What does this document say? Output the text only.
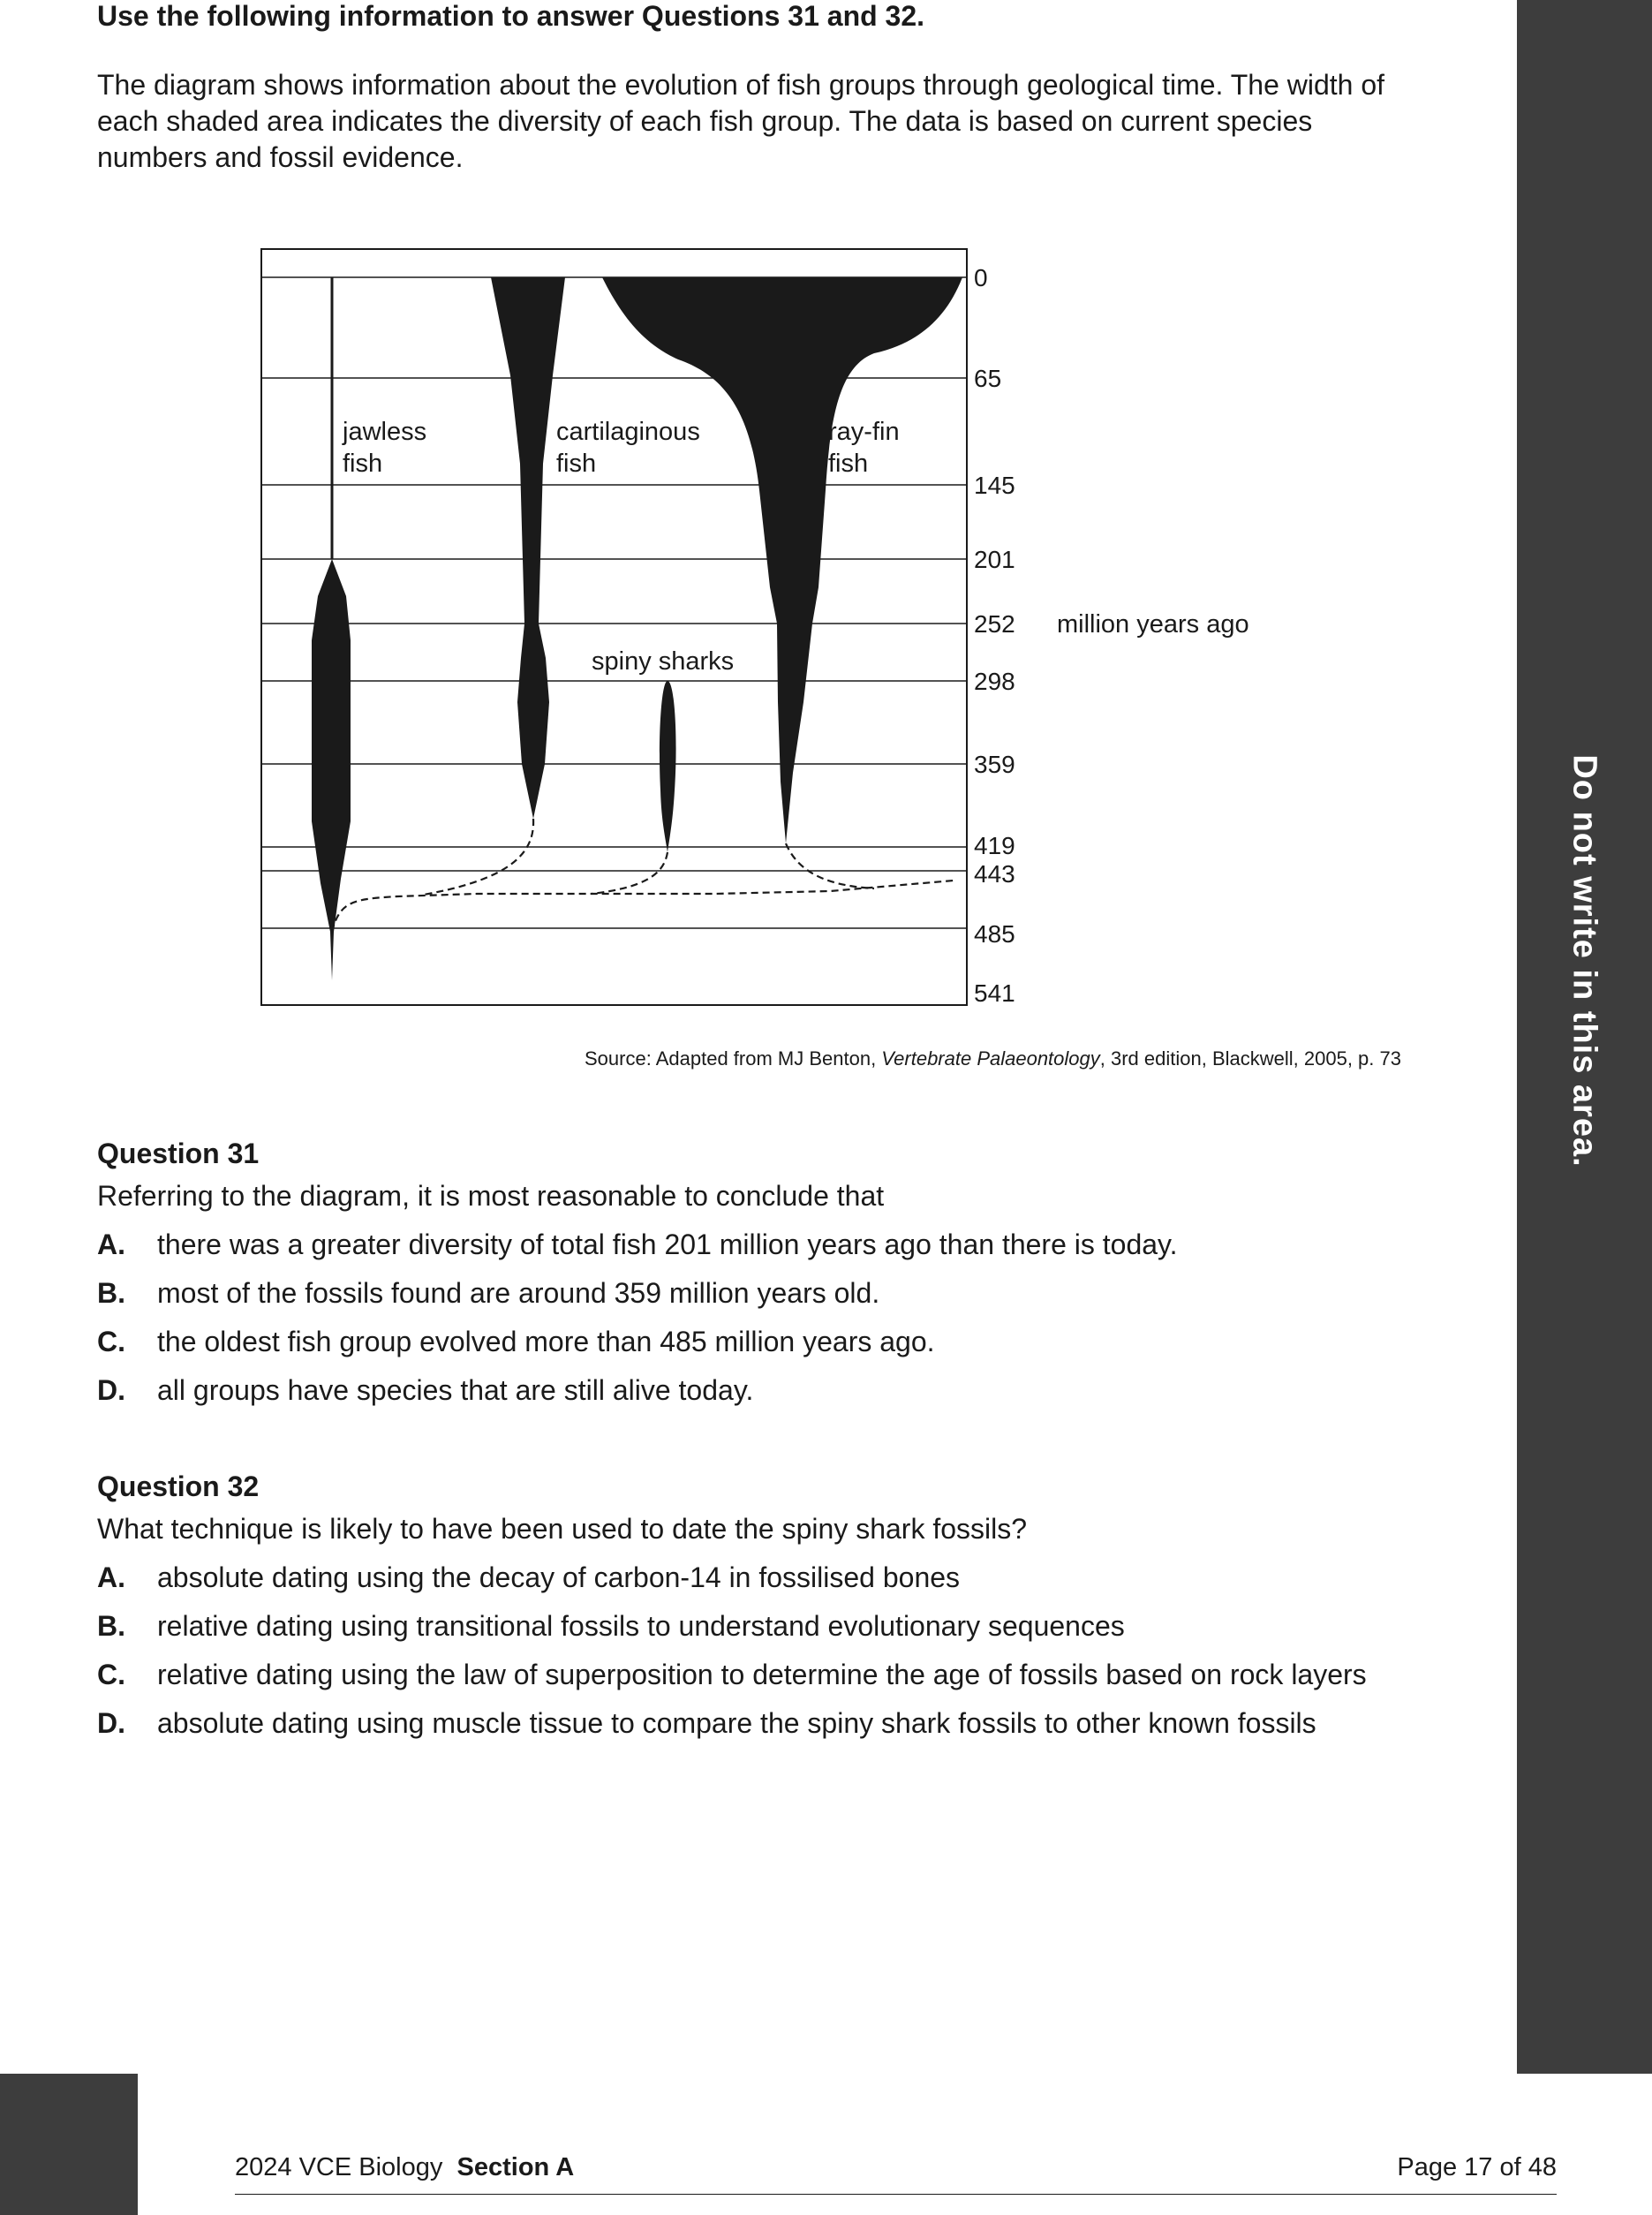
Do not write in this area.
Use the following information to answer Questions 31 and 32.
The diagram shows information about the evolution of fish groups through geological time. The width of each shaded area indicates the diversity of each fish group. The data is based on current species numbers and fossil evidence.
jawless
fish
cartilaginous
fish
ray-fin
fish
spiny sharks
0
65
145
201
252
298
359
419
443
485
541
million years ago
Source: Adapted from MJ Benton, Vertebrate Palaeontology, 3rd edition, Blackwell, 2005, p. 73
Question 31
Referring to the diagram, it is most reasonable to conclude that
A. there was a greater diversity of total fish 201 million years ago than there is today.
B. most of the fossils found are around 359 million years old.
C. the oldest fish group evolved more than 485 million years ago.
D. all groups have species that are still alive today.
Question 32
What technique is likely to have been used to date the spiny shark fossils?
A. absolute dating using the decay of carbon-14 in fossilised bones
B. relative dating using transitional fossils to understand evolutionary sequences
C. relative dating using the law of superposition to determine the age of fossils based on rock layers
D. absolute dating using muscle tissue to compare the spiny shark fossils to other known fossils
2024 VCE Biology Section A	Page 17 of 48
